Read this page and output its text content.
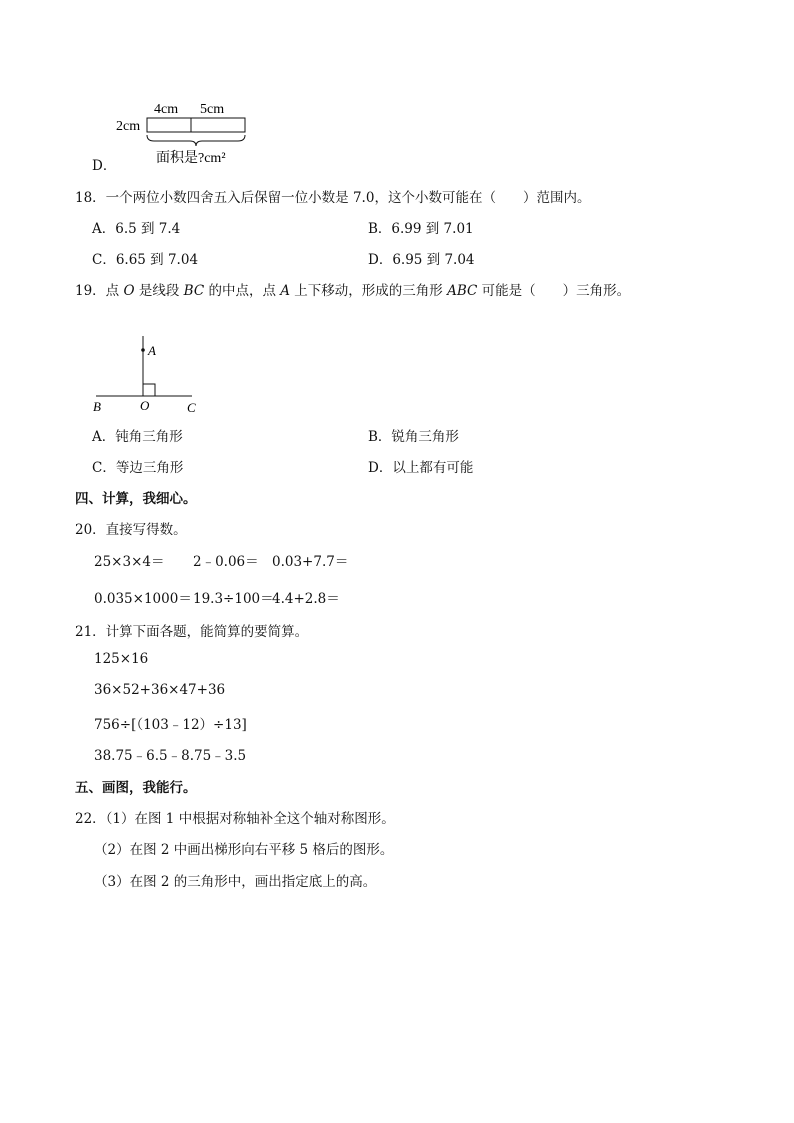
D．
4cm 5cm
2cm
面积是?cm²
18．一个两位小数四舍五入后保留一位小数是 7.0，这个小数可能在（　　）范围内。
A．6.5 到 7.4	B．6.99 到 7.01
C．6.65 到 7.04	D．6.95 到 7.04
19．点 O 是线段 BC 的中点，点 A 上下移动，形成的三角形 ABC 可能是（　　）三角形。
A
B	O	C
A．钝角三角形	B．锐角三角形
C．等边三角形	D．以上都有可能
四、计算，我细心。
20．直接写得数。
25×3×4＝ 2﹣0.06＝ 0.03+7.7＝
0.035×1000＝ 19.3÷100＝
4.4+2.8＝
21．计算下面各题，能简算的要简算。
125×16
36×52+36×47+36
756÷[（103﹣12）÷13]
38.75﹣6.5﹣8.75﹣3.5
五、画图，我能行。
22．（1）在图 1 中根据对称轴补全这个轴对称图形。
（2）在图 2 中画出梯形向右平移 5 格后的图形。
（3）在图 2 的三角形中，画出指定底上的高。
